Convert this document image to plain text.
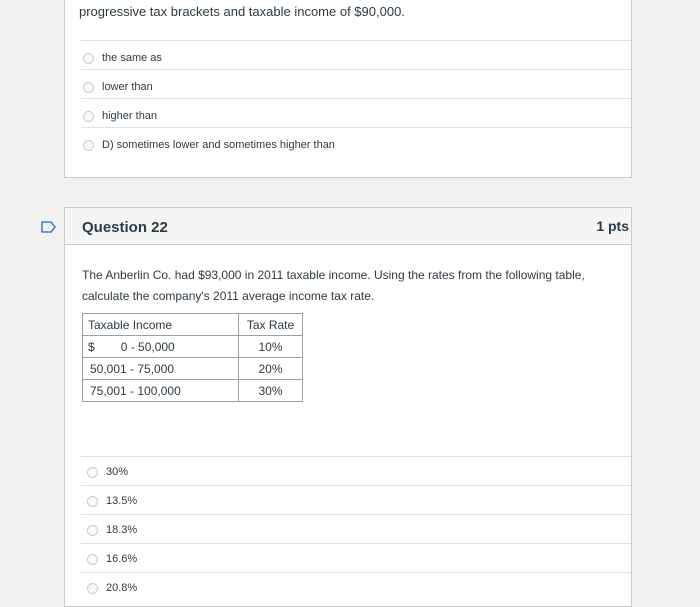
progressive tax brackets and taxable income of $90,000.
the same as
lower than
higher than
D) sometimes lower and sometimes higher than
Question 22	1 pts
The Anberlin Co. had $93,000 in 2011 taxable income. Using the rates from the following table, calculate the company's 2011 average income tax rate.
Taxable Income	Tax Rate
$ 0 - 50,000	10%
50,001 - 75,000	20%
75,001 - 100,000	30%
30%
13.5%
18.3%
16.6%
20.8%
